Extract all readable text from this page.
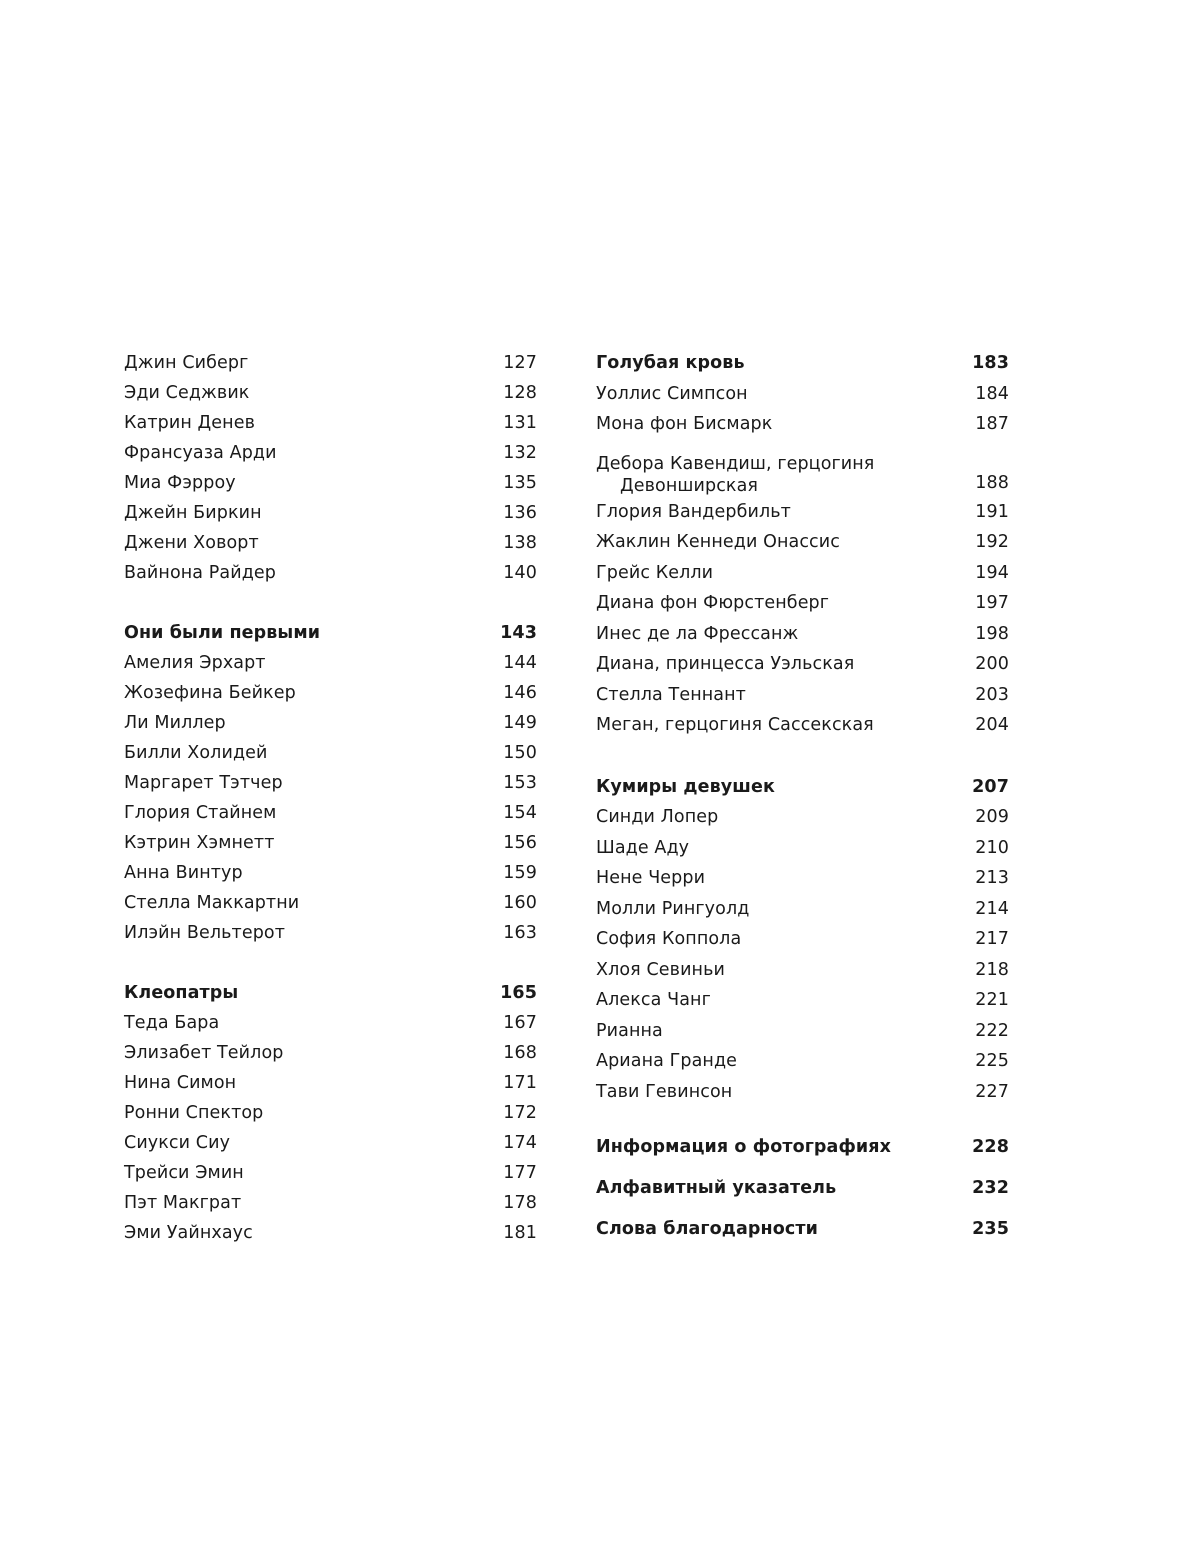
Джин Сиберг	127
Эди Седжвик	128
Катрин Денев	131
Франсуаза Арди	132
Миа Фэрроу	135
Джейн Биркин	136
Джени Ховорт	138
Вайнона Райдер	140
Они были первыми	143
Амелия Эрхарт	144
Жозефина Бейкер	146
Ли Миллер	149
Билли Холидей	150
Маргарет Тэтчер	153
Глория Стайнем	154
Кэтрин Хэмнетт	156
Анна Винтур	159
Стелла Маккартни	160
Илэйн Вельтерот	163
Клеопатры	165
Теда Бара	167
Элизабет Тейлор	168
Нина Симон	171
Ронни Спектор	172
Сиукси Сиу	174
Трейси Эмин	177
Пэт Макграт	178
Эми Уайнхаус	181
Голубая кровь	183
Уоллис Симпсон	184
Мона фон Бисмарк	187
Дебора Кавендиш, герцогиня
Девонширская	188
Глория Вандербильт	191
Жаклин Кеннеди Онассис	192
Грейс Келли	194
Диана фон Фюрстенберг	197
Инес де ла Фрессанж	198
Диана, принцесса Уэльская	200
Стелла Теннант	203
Меган, герцогиня Сассекская	204
Кумиры девушек	207
Синди Лопер	209
Шаде Аду	210
Нене Черри	213
Молли Рингуолд	214
София Коппола	217
Хлоя Севиньи	218
Алекса Чанг	221
Рианна	222
Ариана Гранде	225
Тави Гевинсон	227
Информация о фотографиях	228
Алфавитный указатель	232
Слова благодарности	235
